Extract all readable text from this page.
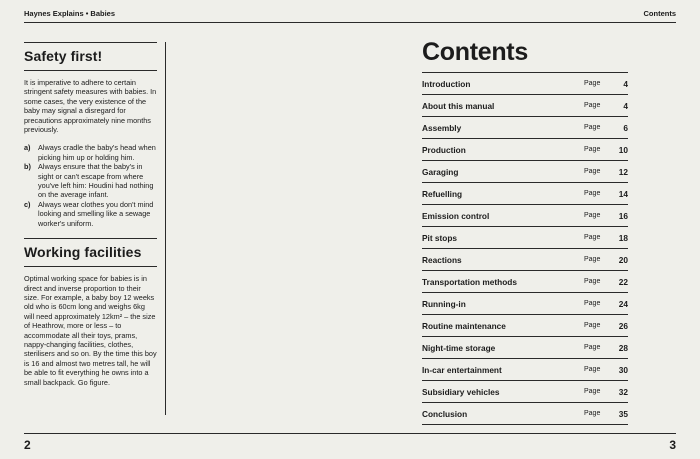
Haynes Explains • Babies	Contents
Safety first!

It is imperative to adhere to certain stringent safety measures with babies. In some cases, the very existence of the baby may signal a disregard for precautions approximately nine months previously.

a)	Always cradle the baby's head when picking him up or holding him.
b) Always ensure that the baby's in sight or can't escape from where you've left him: Houdini had nothing on the average infant.
c)	Always wear clothes you don't mind looking and smelling like a sewage worker's uniform.
Working facilities

Optimal working space for babies is in direct and inverse proportion to their size. For example, a baby boy 12 weeks old who is 60cm long and weighs 6kg will need approximately 12km² – the size of Heathrow, more or less – to accommodate all their toys, prams, nappy-changing facilities, clothes, sterilisers and so on. By the time this boy is 16 and almost two metres tall, he will be able to fit everything he owns into a small backpack. Go figure.

Contents
Introduction	Page	4
About this manual	Page	4
Assembly	Page	6
Production	Page	10
Garaging	Page	12
Refuelling	Page	14
Emission control	Page	16
Pit stops	Page	18
Reactions	Page	20
Transportation methods	Page	22
Running-in	Page	24
Routine maintenance	Page	26
Night-time storage	Page	28
In-car entertainment	Page	30
Subsidiary vehicles	Page	32
Conclusion	Page	35
2	3
